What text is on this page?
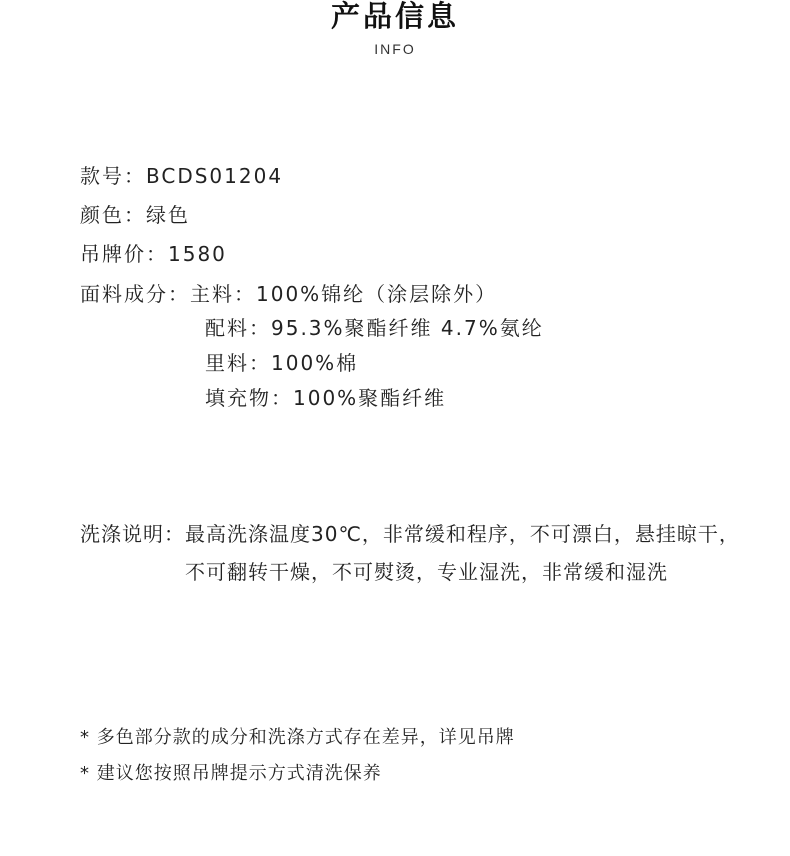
产品信息
INFO
款号：BCDS01204
颜色：绿色
吊牌价：1580
面料成分：主料：100%锦纶（涂层除外）
配料：95.3%聚酯纤维 4.7%氨纶
里料：100%棉
填充物：100%聚酯纤维
洗涤说明： 最高洗涤温度30℃，非常缓和程序，不可漂白，悬挂晾干，不可翻转干燥，不可熨烫，专业湿洗，非常缓和湿洗
* 多色部分款的成分和洗涤方式存在差异，详见吊牌
* 建议您按照吊牌提示方式清洗保养
